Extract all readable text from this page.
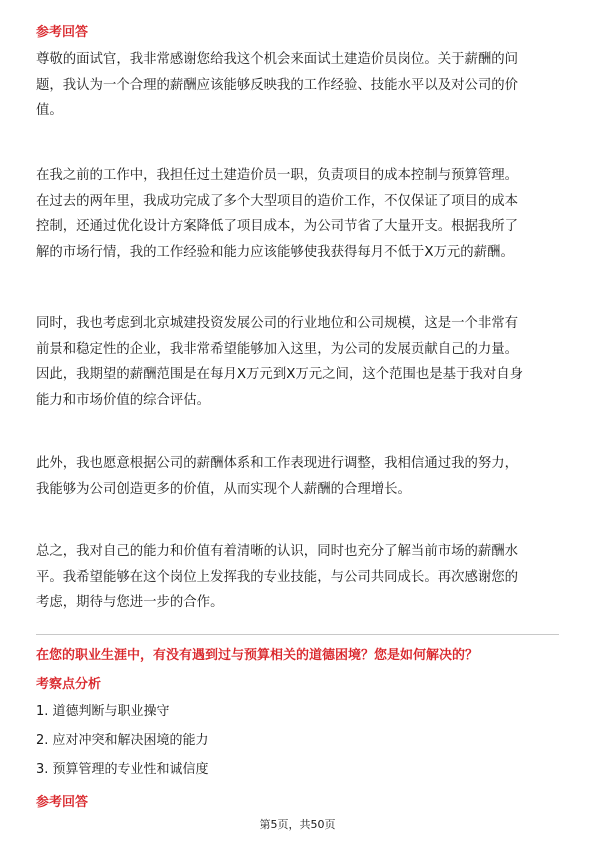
参考回答

尊敬的面试官，我非常感谢您给我这个机会来面试土建造价员岗位。关于薪酬的问
题，我认为一个合理的薪酬应该能够反映我的工作经验、技能水平以及对公司的价
值。
在我之前的工作中，我担任过土建造价员一职，负责项目的成本控制与预算管理。
在过去的两年里，我成功完成了多个大型项目的造价工作，不仅保证了项目的成本
控制，还通过优化设计方案降低了项目成本，为公司节省了大量开支。根据我所了
解的市场行情，我的工作经验和能力应该能够使我获得每月不低于X万元的薪酬。
同时，我也考虑到北京城建投资发展公司的行业地位和公司规模，这是一个非常有
前景和稳定性的企业，我非常希望能够加入这里，为公司的发展贡献自己的力量。
因此，我期望的薪酬范围是在每月X万元到X万元之间，这个范围也是基于我对自身
能力和市场价值的综合评估。
此外，我也愿意根据公司的薪酬体系和工作表现进行调整，我相信通过我的努力，
我能够为公司创造更多的价值，从而实现个人薪酬的合理增长。
总之，我对自己的能力和价值有着清晰的认识，同时也充分了解当前市场的薪酬水
平。我希望能够在这个岗位上发挥我的专业技能，与公司共同成长。再次感谢您的
考虑，期待与您进一步的合作。

在您的职业生涯中，有没有遇到过与预算相关的道德困境？您是如何解决的？

考察点分析

1. 道德判断与职业操守

2. 应对冲突和解决困境的能力

3. 预算管理的专业性和诚信度

参考回答

第5页，共50页
